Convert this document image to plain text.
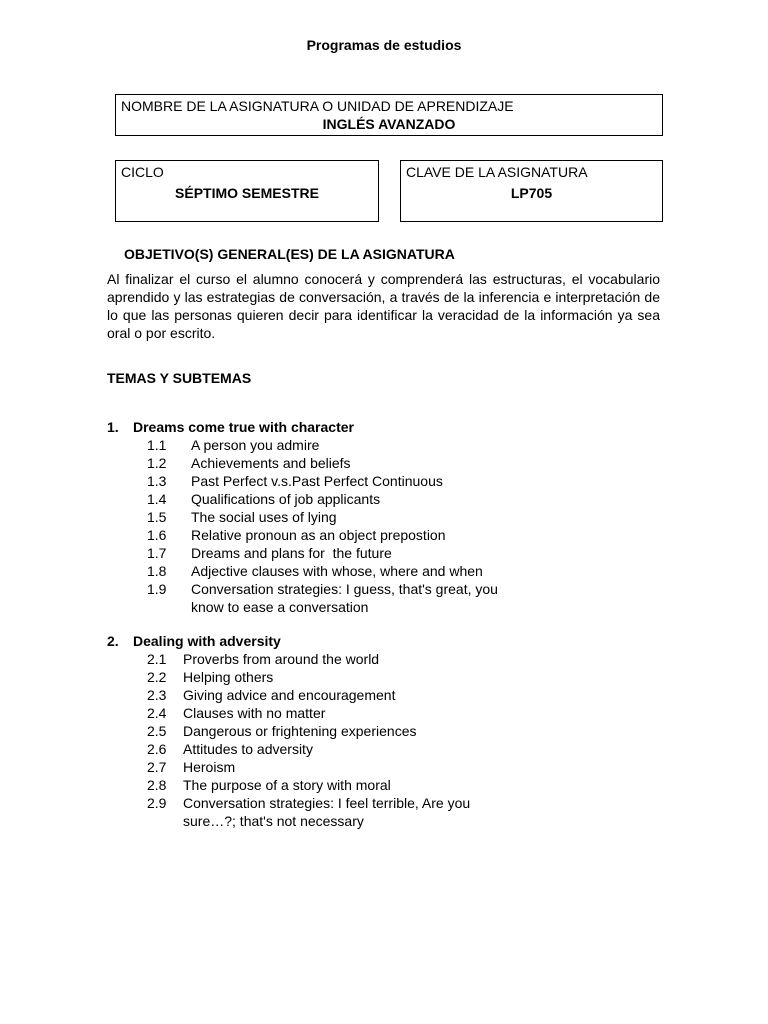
Programas de estudios
NOMBRE DE LA ASIGNATURA O UNIDAD DE APRENDIZAJE
INGLÉS AVANZADO
CICLO
SÉPTIMO SEMESTRE
CLAVE DE LA ASIGNATURA
LP705
OBJETIVO(S) GENERAL(ES) DE LA ASIGNATURA
Al finalizar el curso el alumno conocerá y comprenderá las estructuras, el vocabulario aprendido y las estrategias de conversación, a través de la inferencia e interpretación de lo que las personas quieren decir para identificar la veracidad de la información ya sea oral o por escrito.
TEMAS Y SUBTEMAS
1. Dreams come true with character
1.1	A person you admire
1.2	Achievements and beliefs
1.3	Past Perfect v.s.Past Perfect Continuous
1.4	Qualifications of job applicants
1.5	The social uses of lying
1.6	Relative pronoun as an object prepostion
1.7	Dreams and plans for  the future
1.8	Adjective clauses with whose, where and when
1.9	Conversation strategies: I guess, that's great, you know to ease a conversation
2. Dealing with adversity
2.1	Proverbs from around the world
2.2	Helping others
2.3	Giving advice and encouragement
2.4	Clauses with no matter
2.5	Dangerous or frightening experiences
2.6	Attitudes to adversity
2.7	Heroism
2.8	The purpose of a story with moral
2.9	Conversation strategies: I feel terrible, Are you sure…?; that's not necessary
